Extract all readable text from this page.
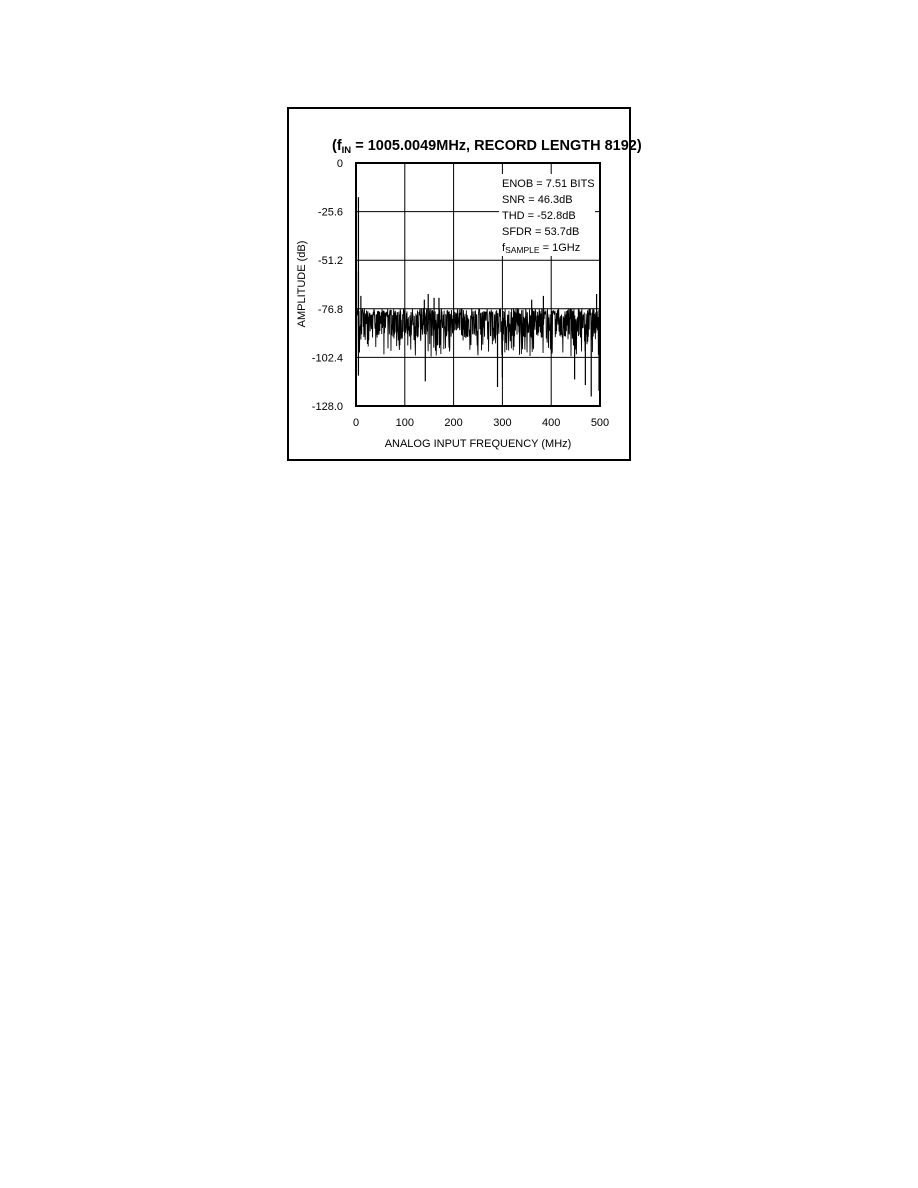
($f_{IN} = 1005.0049MHz$, RECORD LENGTH 8192)
0
-25.6
-51.2
-76.8
-102.4
-128.0
0	100	200	300	400	500
ANALOG INPUT FREQUENCY (MHz)
AMPLITUDE (dB)
ENOB = 7.51 BITS
SNR = 46.3dB
THD = -52.8dB
SFDR = 53.7dB
fSAMPLE = 1GHz
